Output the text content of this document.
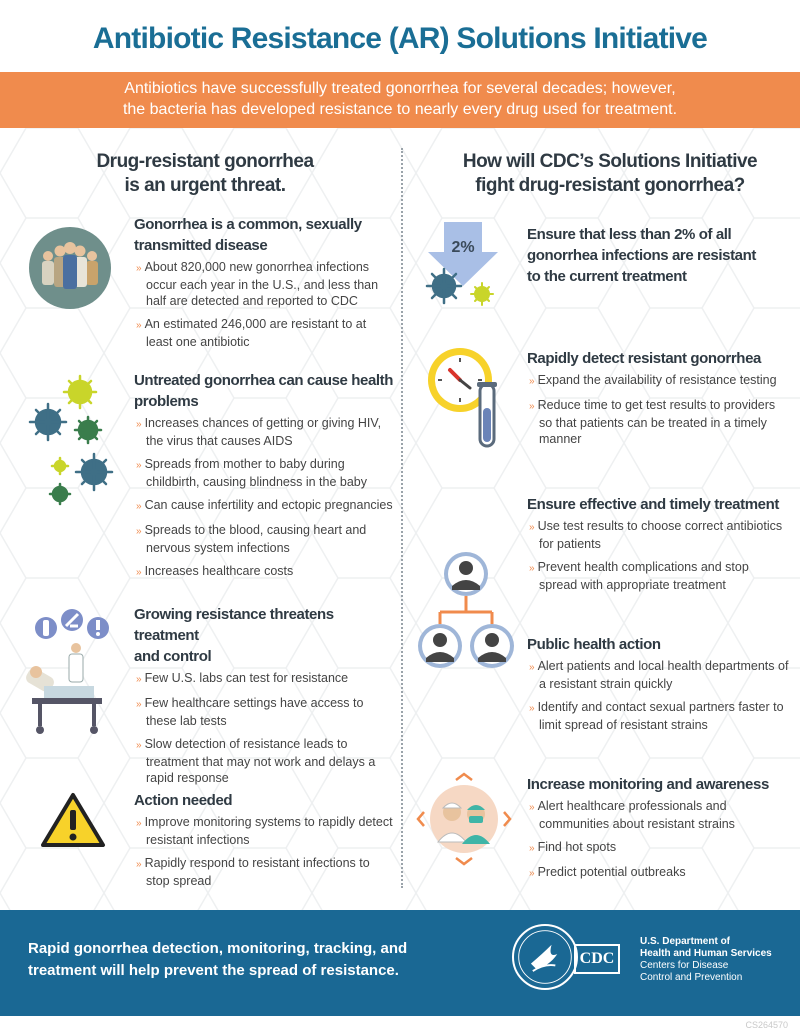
Antibiotic Resistance (AR) Solutions Initiative
Antibiotics have successfully treated gonorrhea for several decades; however,
the bacteria has developed resistance to nearly every drug used for treatment.
Drug-resistant gonorrhea
is an urgent threat.
How will CDC’s Solutions Initiative
fight drug-resistant gonorrhea?
2%
Gonorrhea is a common, sexually
transmitted disease
» About 820,000 new gonorrhea infections occur each year in the U.S., and less than half are detected and reported to CDC
» An estimated 246,000 are resistant to at least one antibiotic
Untreated gonorrhea can cause health
problems
» Increases chances of getting or giving HIV, the virus that causes AIDS
» Spreads from mother to baby during childbirth, causing blindness in the baby
» Can cause infertility and ectopic pregnancies
» Spreads to the blood, causing heart and nervous system infections
» Increases healthcare costs
Growing resistance threatens treatment
and control
» Few U.S. labs can test for resistance
» Few healthcare settings have access to these lab tests
» Slow detection of resistance leads to treatment that may not work and delays a rapid response
Action needed
» Improve monitoring systems to rapidly detect resistant infections
» Rapidly respond to resistant infections to stop spread
Ensure that less than 2% of all
gonorrhea infections are resistant
to the current treatment
Rapidly detect resistant gonorrhea
» Expand the availability of resistance testing
» Reduce time to get test results to providers so that patients can be treated in a timely manner
Ensure effective and timely treatment
» Use test results to choose correct antibiotics for patients
» Prevent health complications and stop spread with appropriate treatment
Public health action
» Alert patients and local health departments of a resistant strain quickly
» Identify and contact sexual partners faster to limit spread of resistant strains
Increase monitoring and awareness
» Alert healthcare professionals and communities about resistant strains
» Find hot spots
» Predict potential outbreaks
Rapid gonorrhea detection, monitoring, tracking, and
treatment will help prevent the spread of resistance.
CDC
U.S. Department of
Health and Human Services
Centers for Disease
Control and Prevention
CS264570
